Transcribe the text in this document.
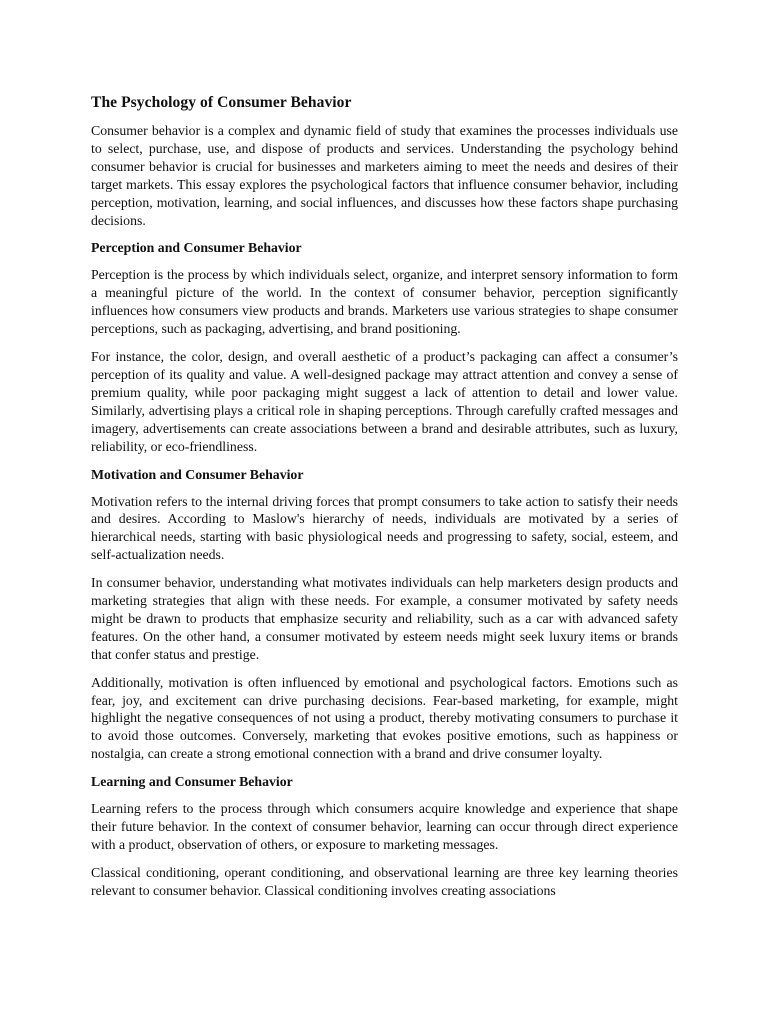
The Psychology of Consumer Behavior

Consumer behavior is a complex and dynamic field of study that examines the processes individuals use to select, purchase, use, and dispose of products and services. Understanding the psychology behind consumer behavior is crucial for businesses and marketers aiming to meet the needs and desires of their target markets. This essay explores the psychological factors that influence consumer behavior, including perception, motivation, learning, and social influences, and discusses how these factors shape purchasing decisions.

Perception and Consumer Behavior

Perception is the process by which individuals select, organize, and interpret sensory information to form a meaningful picture of the world. In the context of consumer behavior, perception significantly influences how consumers view products and brands. Marketers use various strategies to shape consumer perceptions, such as packaging, advertising, and brand positioning.

For instance, the color, design, and overall aesthetic of a product’s packaging can affect a consumer’s perception of its quality and value. A well-designed package may attract attention and convey a sense of premium quality, while poor packaging might suggest a lack of attention to detail and lower value. Similarly, advertising plays a critical role in shaping perceptions. Through carefully crafted messages and imagery, advertisements can create associations between a brand and desirable attributes, such as luxury, reliability, or eco-friendliness.

Motivation and Consumer Behavior

Motivation refers to the internal driving forces that prompt consumers to take action to satisfy their needs and desires. According to Maslow's hierarchy of needs, individuals are motivated by a series of hierarchical needs, starting with basic physiological needs and progressing to safety, social, esteem, and self-actualization needs.

In consumer behavior, understanding what motivates individuals can help marketers design products and marketing strategies that align with these needs. For example, a consumer motivated by safety needs might be drawn to products that emphasize security and reliability, such as a car with advanced safety features. On the other hand, a consumer motivated by esteem needs might seek luxury items or brands that confer status and prestige.

Additionally, motivation is often influenced by emotional and psychological factors. Emotions such as fear, joy, and excitement can drive purchasing decisions. Fear-based marketing, for example, might highlight the negative consequences of not using a product, thereby motivating consumers to purchase it to avoid those outcomes. Conversely, marketing that evokes positive emotions, such as happiness or nostalgia, can create a strong emotional connection with a brand and drive consumer loyalty.

Learning and Consumer Behavior

Learning refers to the process through which consumers acquire knowledge and experience that shape their future behavior. In the context of consumer behavior, learning can occur through direct experience with a product, observation of others, or exposure to marketing messages.

Classical conditioning, operant conditioning, and observational learning are three key learning theories relevant to consumer behavior. Classical conditioning involves creating associations
